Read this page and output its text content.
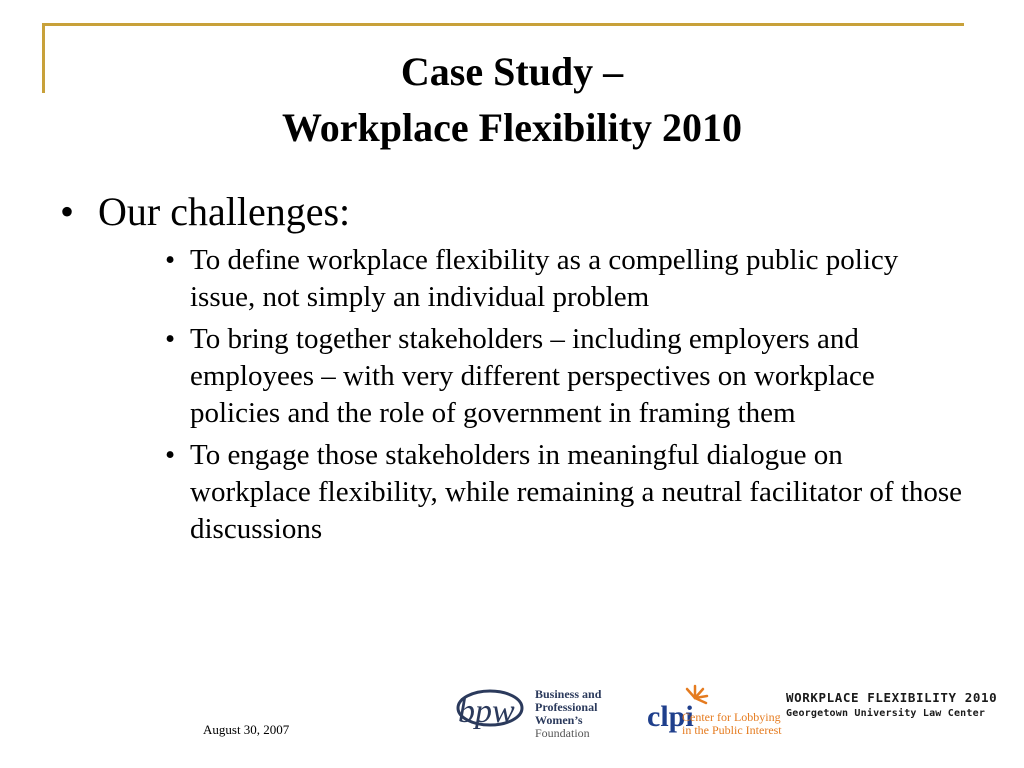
Case Study –
Workplace Flexibility 2010
• Our challenges:
• To define workplace flexibility as a compelling public policy issue, not simply an individual problem
• To bring together stakeholders – including employers and employees – with very different perspectives on workplace policies and the role of government in framing them
• To engage those stakeholders in meaningful dialogue on workplace flexibility, while remaining a neutral facilitator of those discussions
August 30, 2007	bpw Business and
Professional
Women’s
Foundation	clpi
Center for Lobbying
in the Public Interest
WORKPLACE FLEXIBILITY 2010
Georgetown University Law Center
